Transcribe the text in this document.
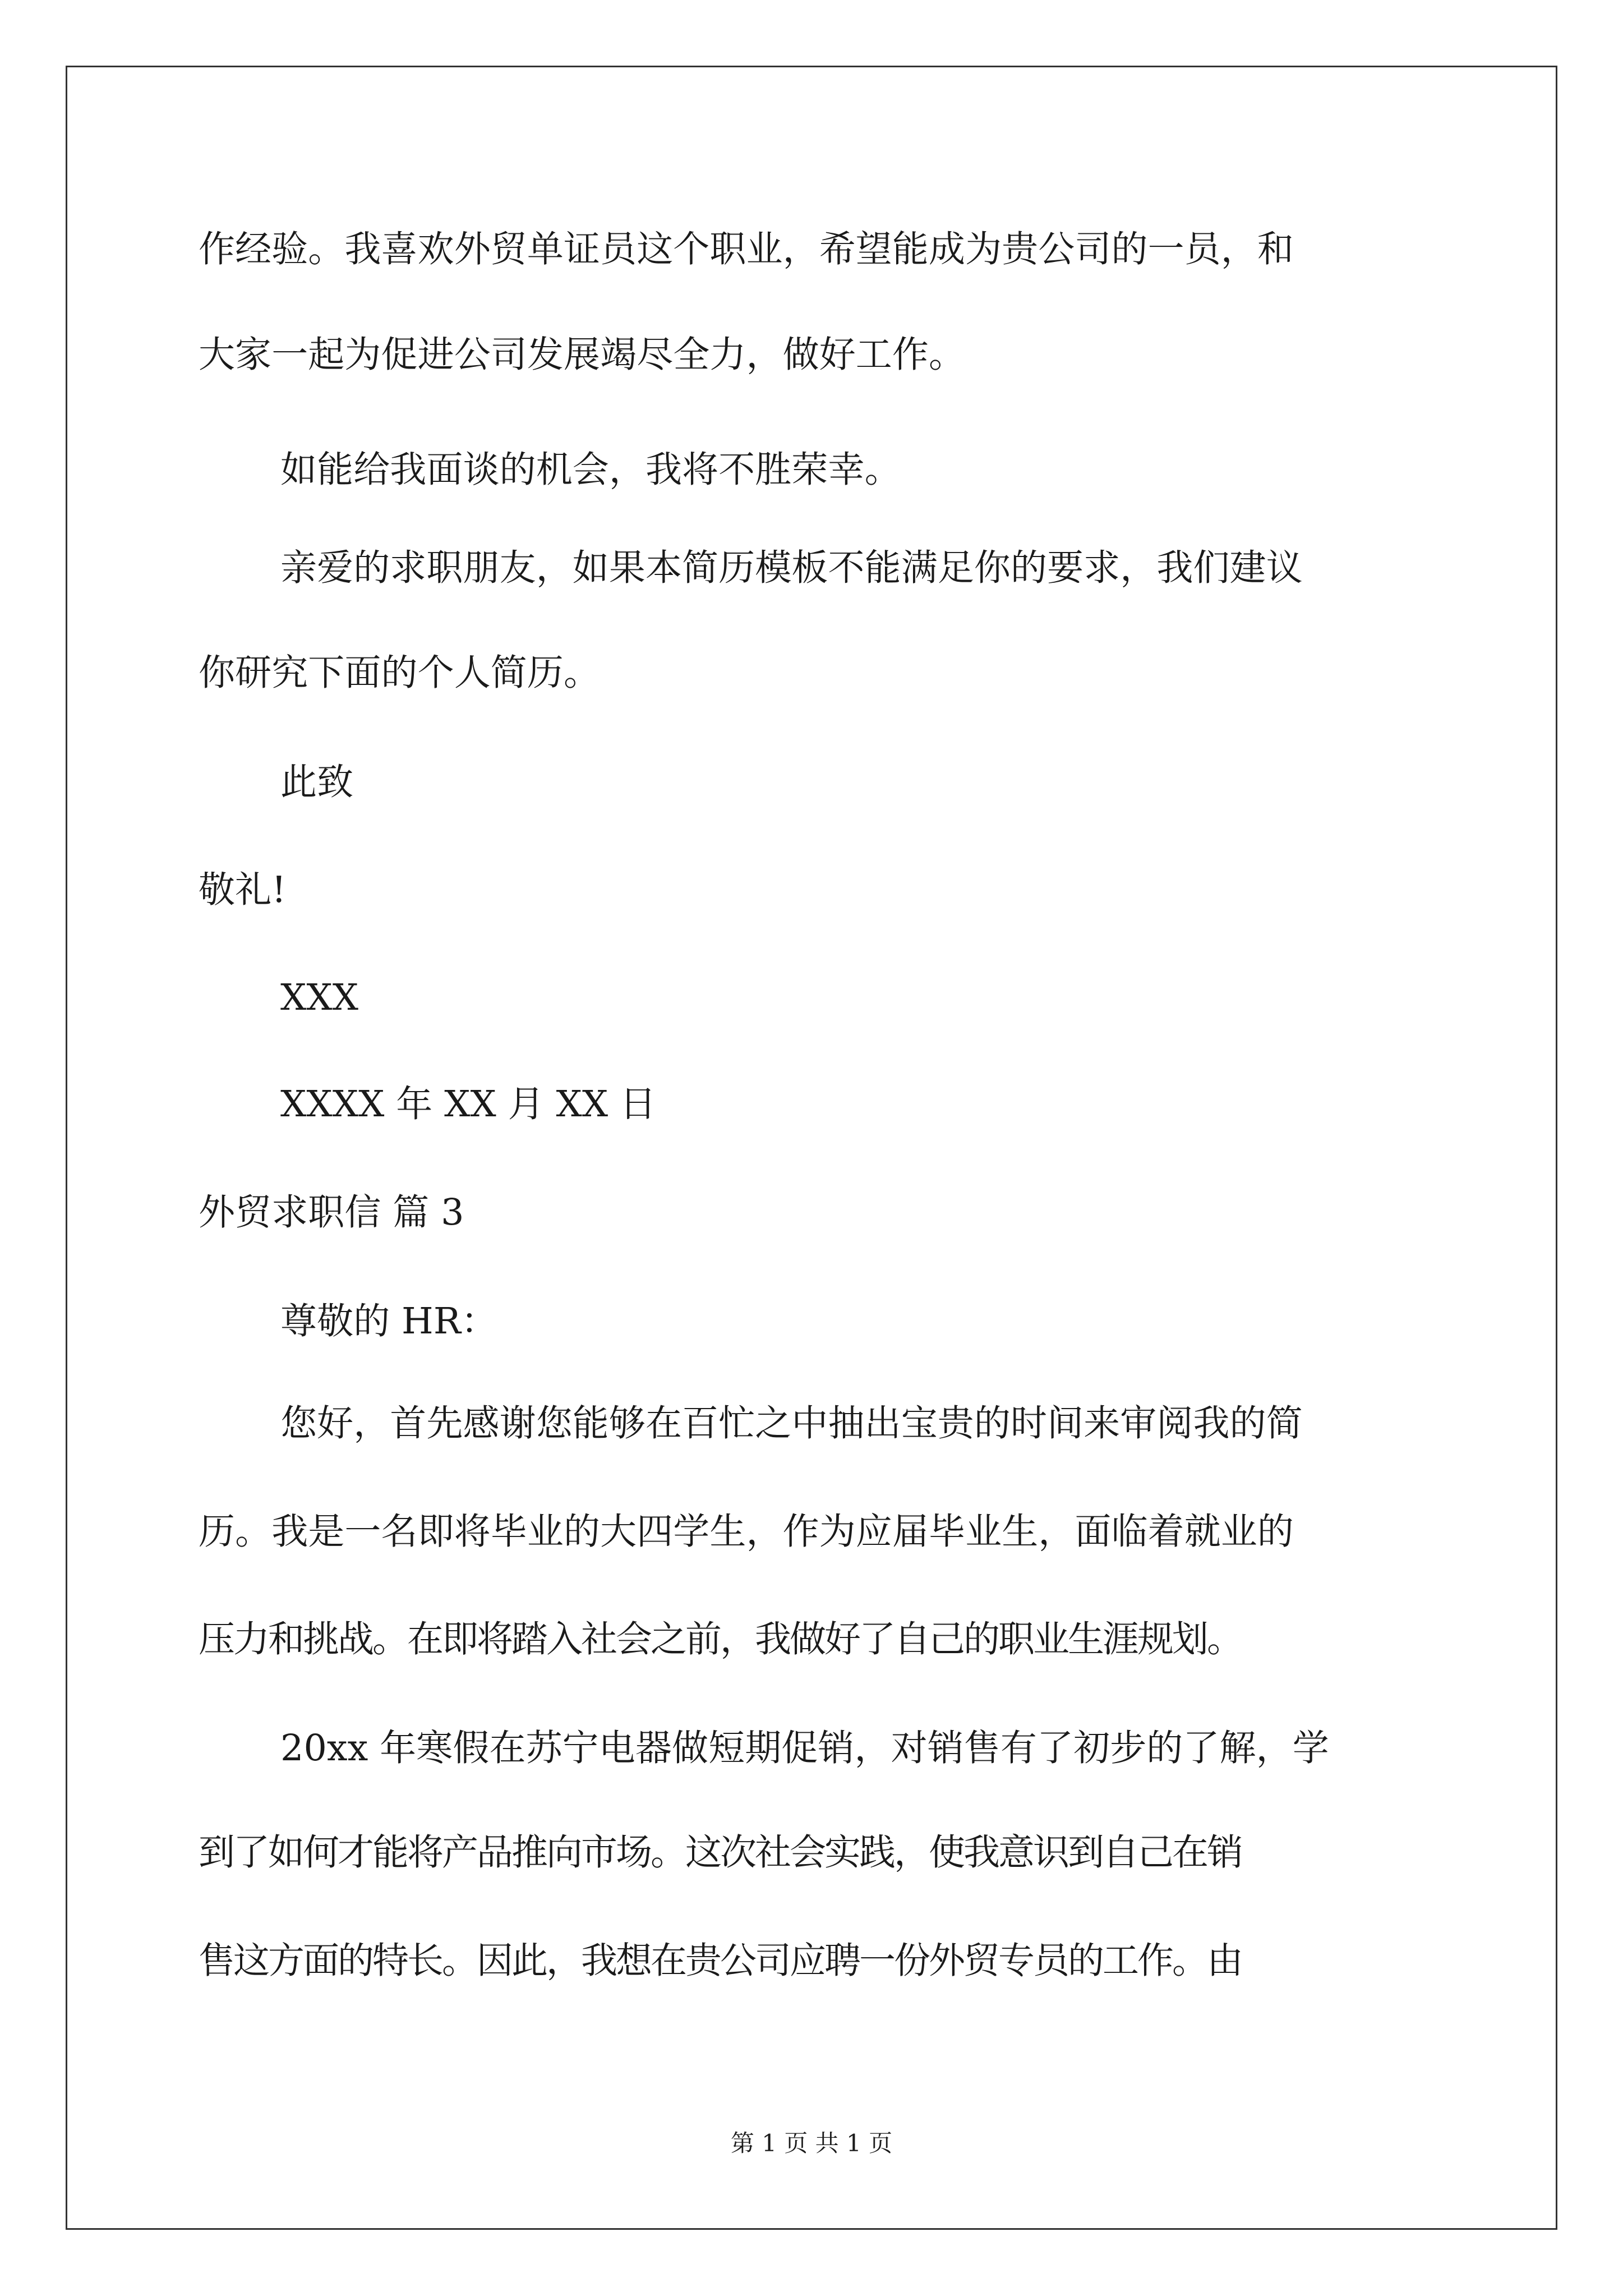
作经验。我喜欢外贸单证员这个职业，希望能成为贵公司的一员，和
大家一起为促进公司发展竭尽全力，做好工作。
如能给我面谈的机会，我将不胜荣幸。
亲爱的求职朋友，如果本简历模板不能满足你的要求，我们建议
你研究下面的个人简历。
此致
敬礼!
XXX
XXXX 年 XX 月 XX 日
外贸求职信 篇 3
尊敬的 HR：
您好，首先感谢您能够在百忙之中抽出宝贵的时间来审阅我的简
历。我是一名即将毕业的大四学生，作为应届毕业生，面临着就业的
压力和挑战。在即将踏入社会之前，我做好了自己的职业生涯规划。
20xx 年寒假在苏宁电器做短期促销，对销售有了初步的了解，学
到了如何才能将产品推向市场。这次社会实践，使我意识到自己在销
售这方面的特长。因此，我想在贵公司应聘一份外贸专员的工作。由
第 1 页 共 1 页
